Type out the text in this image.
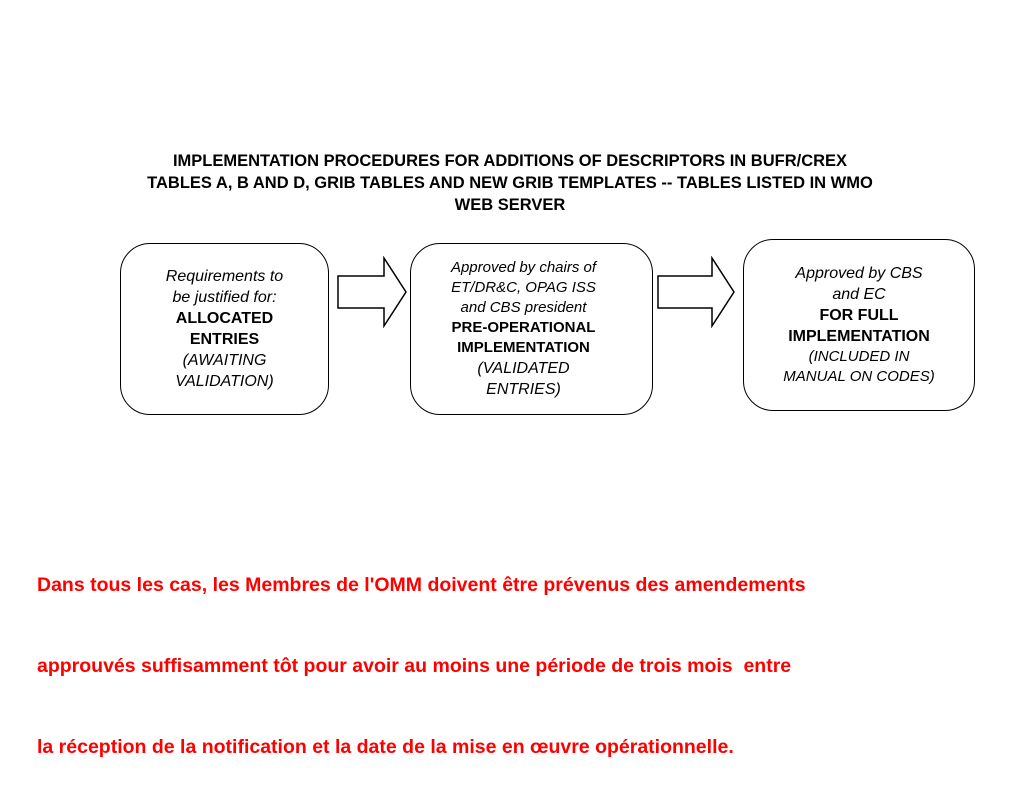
IMPLEMENTATION PROCEDURES FOR ADDITIONS OF DESCRIPTORS IN BUFR/CREX
TABLES A, B AND D, GRIB TABLES AND NEW GRIB TEMPLATES -- TABLES LISTED IN WMO
WEB SERVER
Requirements to
be justified for:
ALLOCATED
ENTRIES
(AWAITING
VALIDATION)
Approved by chairs of
ET/DR&C, OPAG ISS
and CBS president
PRE-OPERATIONAL
IMPLEMENTATION
(VALIDATED
ENTRIES)
Approved by CBS
and EC
FOR FULL
IMPLEMENTATION
(INCLUDED IN
MANUAL ON CODES)

Dans tous les cas, les Membres de l'OMM doivent être prévenus des amendements

approuvés suffisamment tôt pour avoir au moins une période de trois mois  entre

la réception de la notification et la date de la mise en œuvre opérationnelle.
